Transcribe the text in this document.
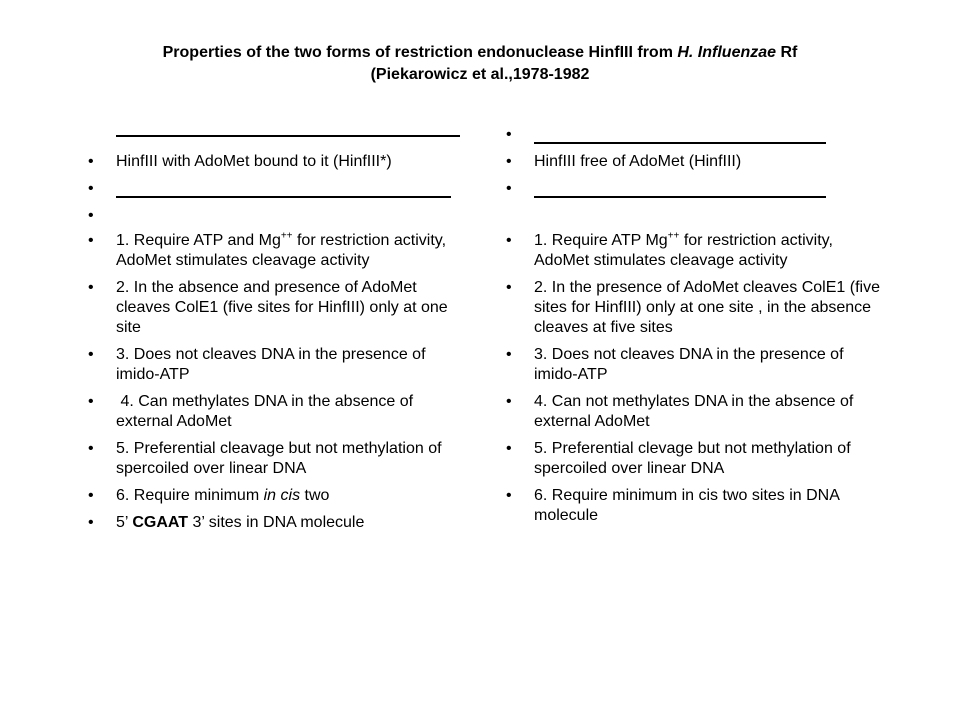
Properties of the two forms of restriction endonuclease HinfIII from H. Influenzae Rf
(Piekarowicz et al.,1978-1982
• HinfIII with AdoMet bound to it (HinfIII*)
•
•
• 1. Require ATP and Mg++ for restriction activity, AdoMet stimulates cleavage activity
• 2. In the absence and presence of AdoMet cleaves ColE1 (five sites for HinfIII) only at one site
• 3. Does not cleaves DNA in the presence of imido-ATP
•  4. Can methylates DNA in the absence of external AdoMet
• 5. Preferential cleavage but not methylation of spercoiled over linear DNA
• 6. Require minimum in cis two
• 5’ CGAAT 3’ sites in DNA molecule
•
• HinfIII free of AdoMet (HinfIII)
•
• 1. Require ATP Mg++ for restriction activity, AdoMet stimulates cleavage activity
• 2. In the presence of AdoMet cleaves ColE1 (five sites for HinfIII) only at one site , in the absence cleaves at five sites
• 3. Does not cleaves DNA in the presence of imido-ATP
• 4. Can not methylates DNA in the absence of external AdoMet
• 5. Preferential clevage but not methylation of spercoiled over linear DNA
• 6. Require minimum in cis two sites in DNA molecule
